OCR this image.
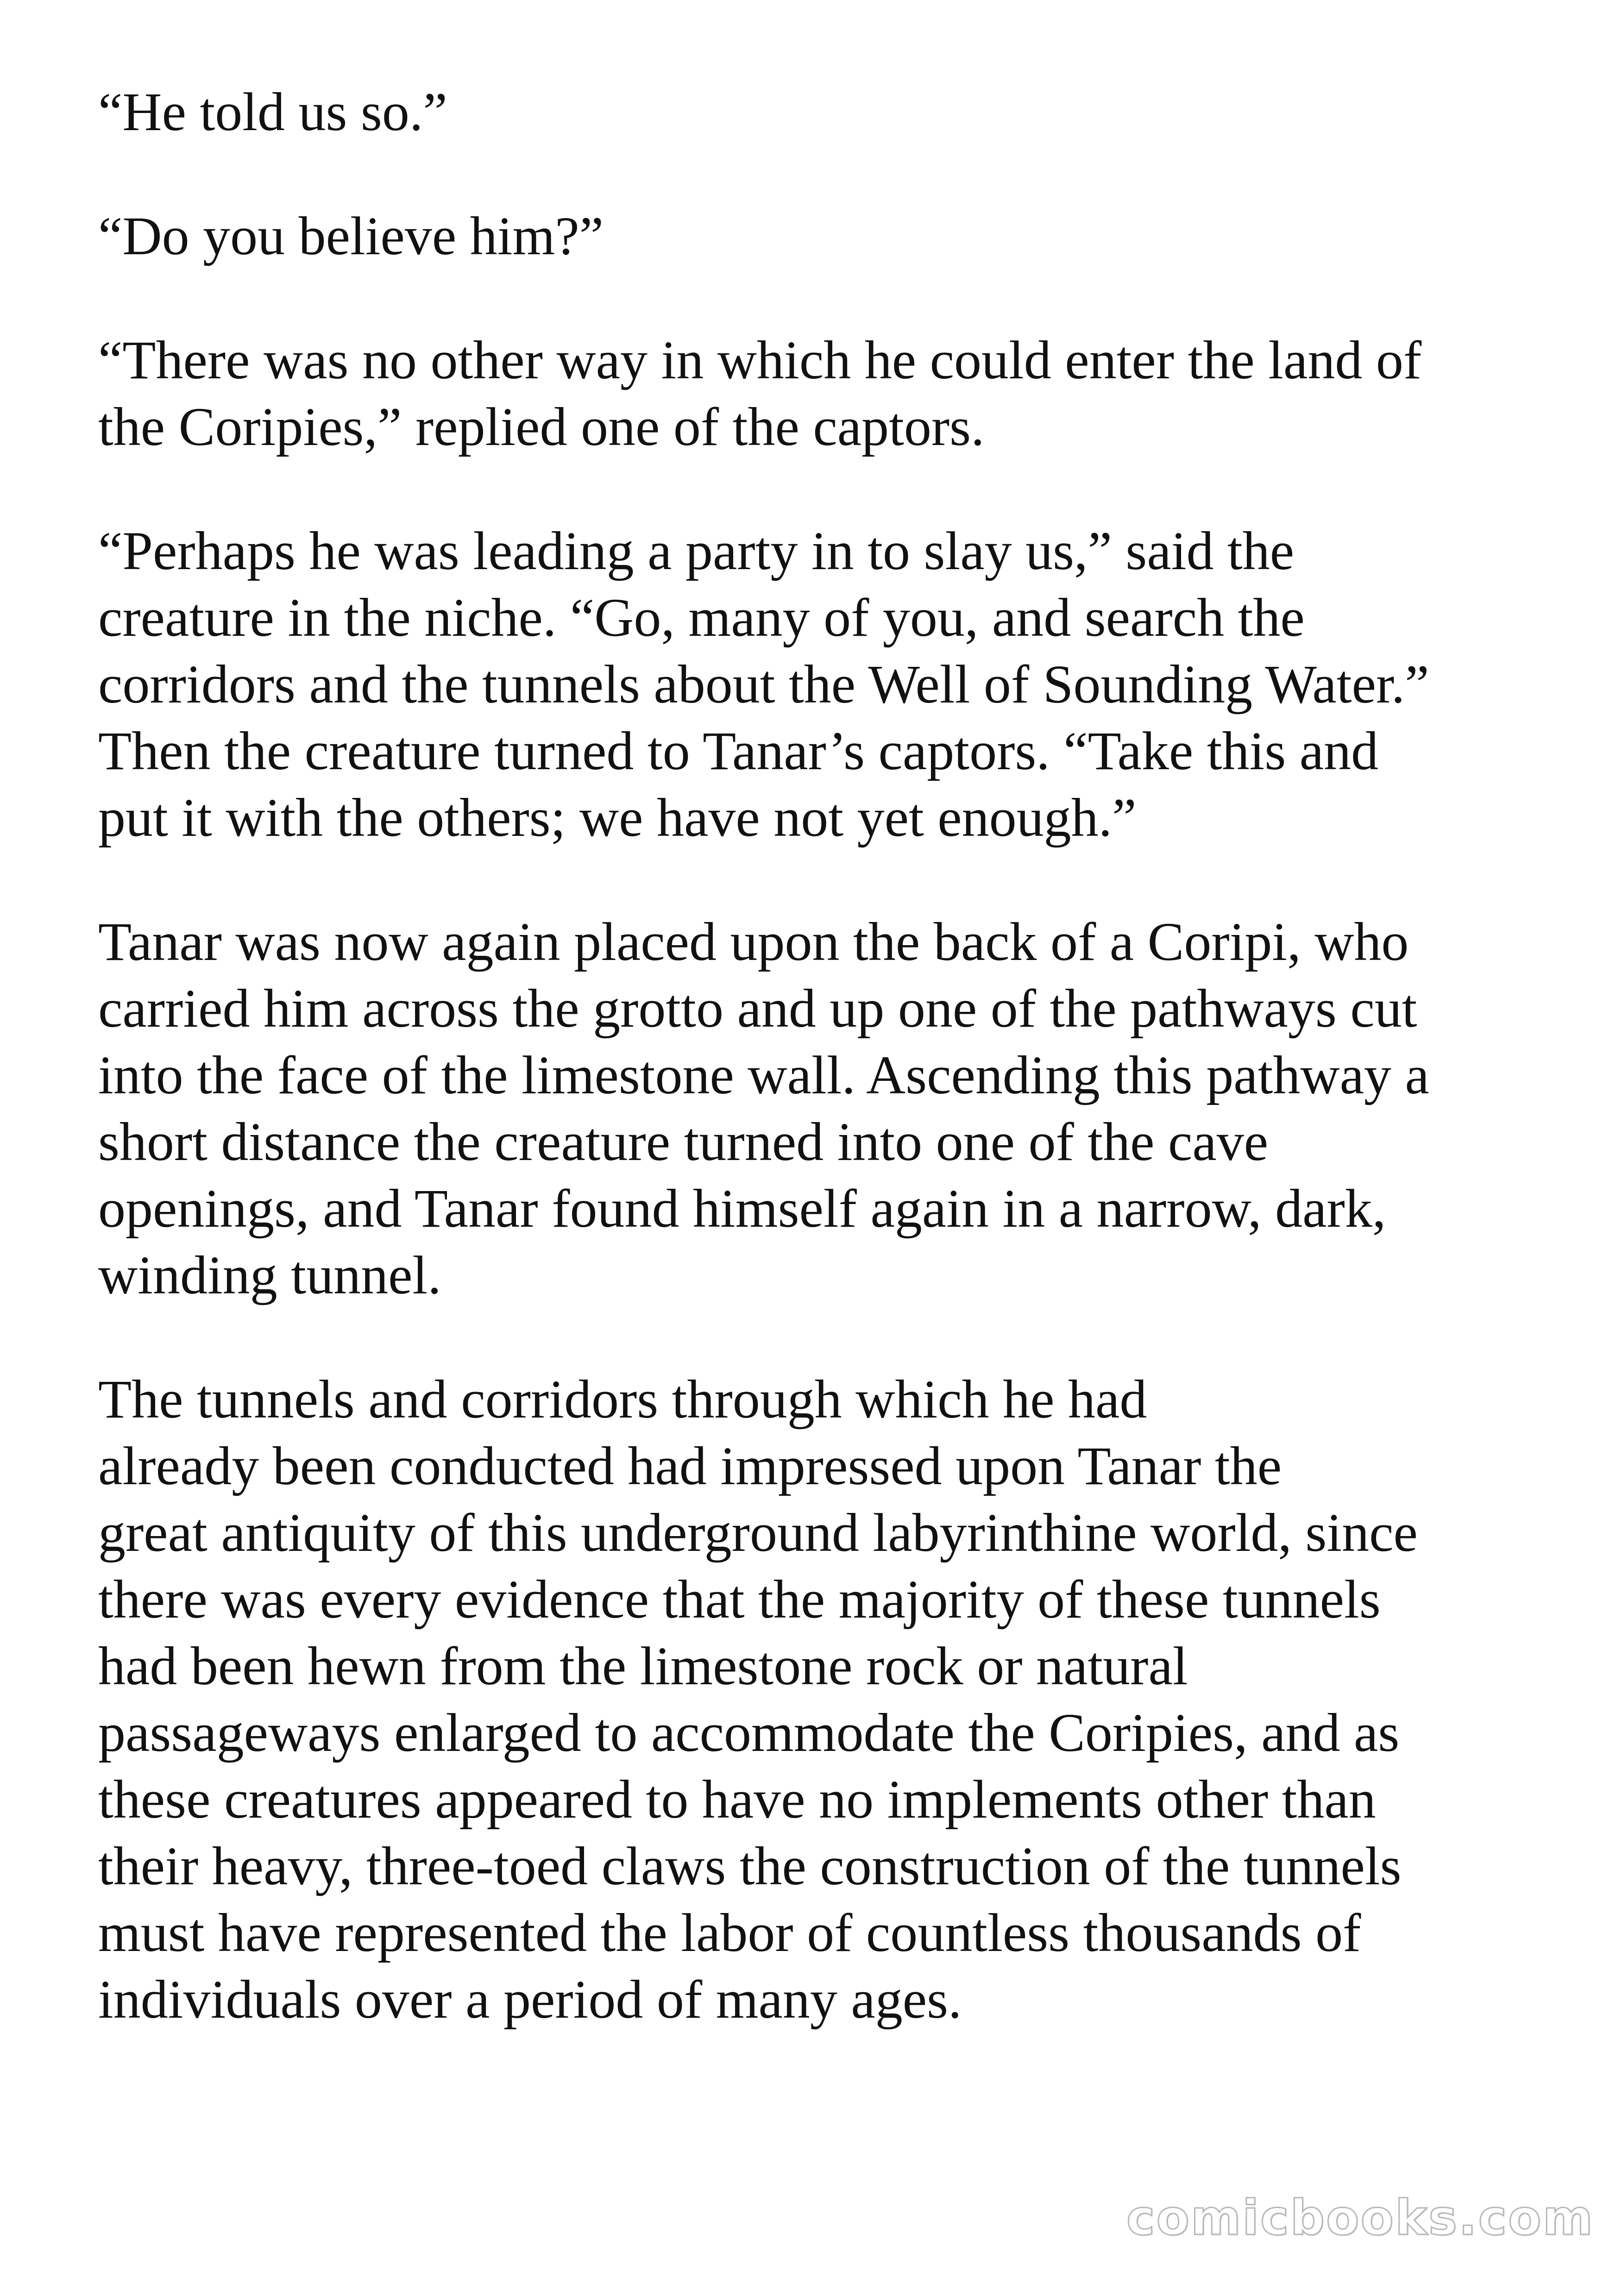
“He told us so.”

“Do you believe him?”

“There was no other way in which he could enter the land of
the Coripies,” replied one of the captors.

“Perhaps he was leading a party in to slay us,” said the
creature in the niche. “Go, many of you, and search the
corridors and the tunnels about the Well of Sounding Water.”
Then the creature turned to Tanar’s captors. “Take this and
put it with the others; we have not yet enough.”

Tanar was now again placed upon the back of a Coripi, who
carried him across the grotto and up one of the pathways cut
into the face of the limestone wall. Ascending this pathway a
short distance the creature turned into one of the cave
openings, and Tanar found himself again in a narrow, dark,
winding tunnel.

The tunnels and corridors through which he had
already been conducted had impressed upon Tanar the
great antiquity of this underground labyrinthine world, since
there was every evidence that the majority of these tunnels
had been hewn from the limestone rock or natural
passageways enlarged to accommodate the Coripies, and as
these creatures appeared to have no implements other than
their heavy, three-toed claws the construction of the tunnels
must have represented the labor of countless thousands of
individuals over a period of many ages.

comicbooks.com
